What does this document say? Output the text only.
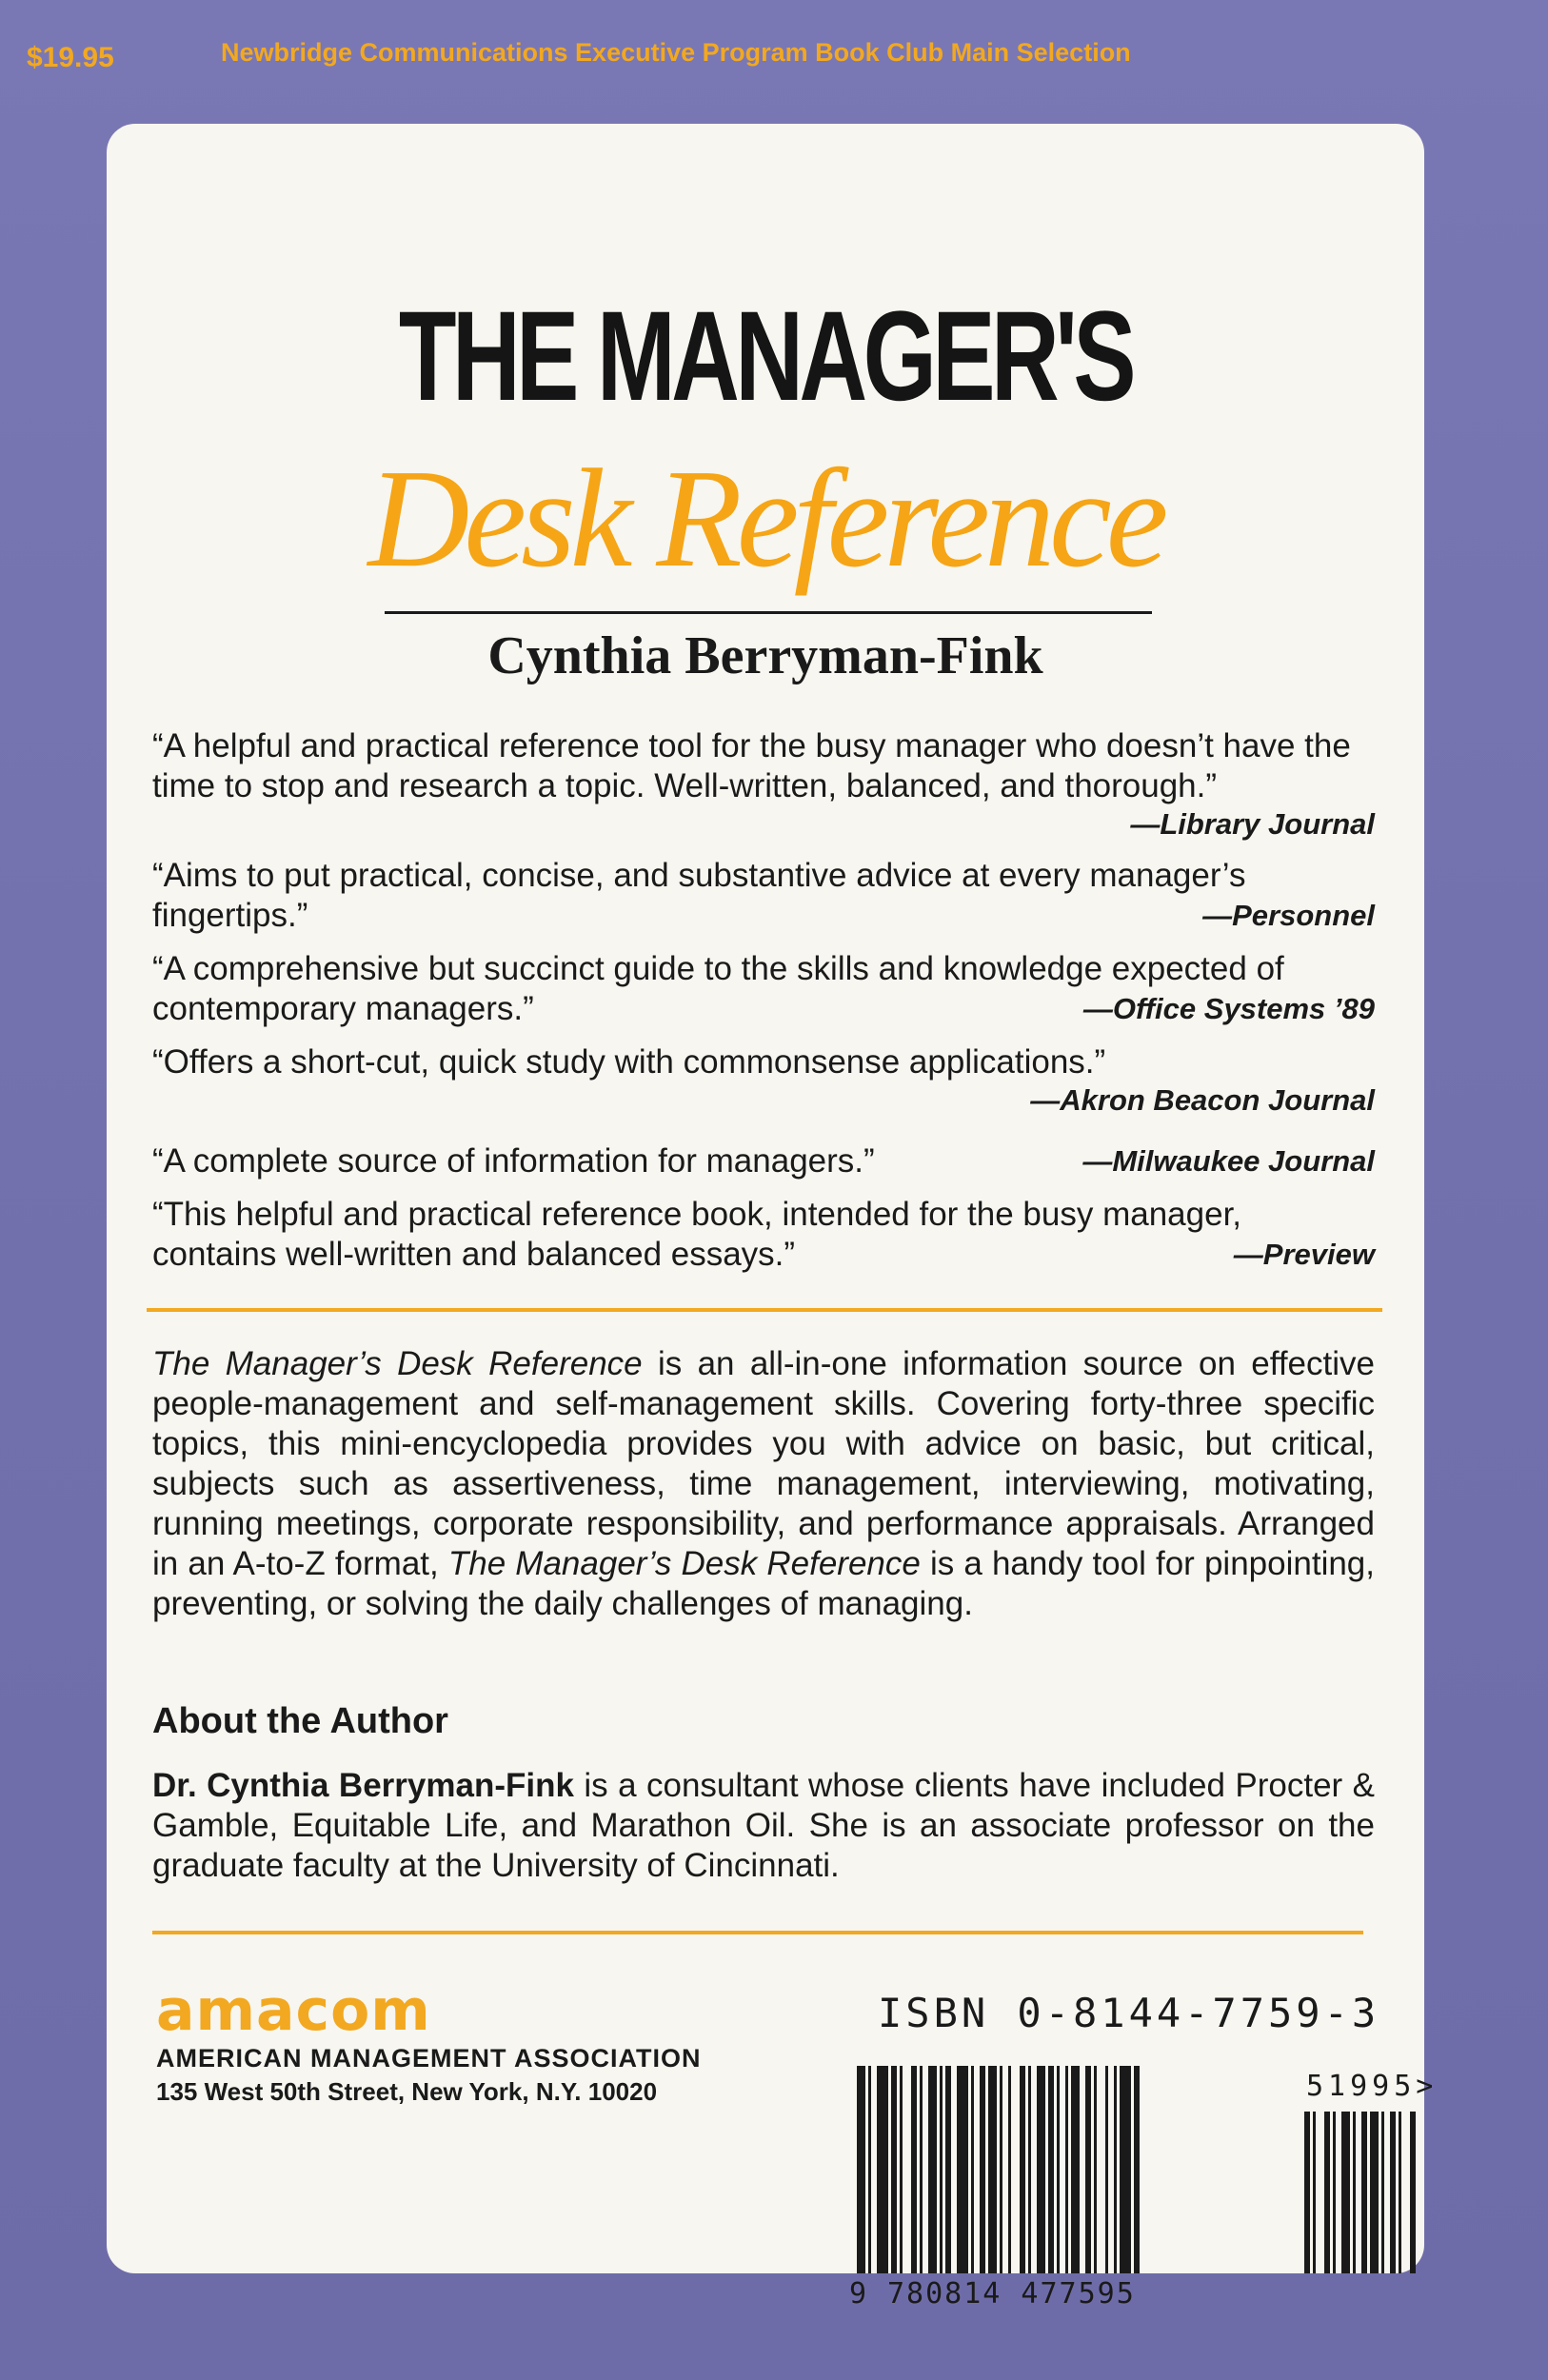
$19.95	Newbridge Communications Executive Program Book Club Main Selection
THE MANAGER'S
Desk Reference
Cynthia Berryman-Fink
“A helpful and practical reference tool for the busy manager who doesn’t have the time to stop and research a topic. Well-written, balanced, and thorough.”
—Library Journal
“Aims to put practical, concise, and substantive advice at every manager’s fingertips.”	—Personnel
“A comprehensive but succinct guide to the skills and knowledge expected of contemporary managers.”	—Office Systems ’89
“Offers a short-cut, quick study with commonsense applications.”
—Akron Beacon Journal
“A complete source of information for managers.”	—Milwaukee Journal
“This helpful and practical reference book, intended for the busy manager, contains well-written and balanced essays.”	—Preview
The Manager’s Desk Reference is an all-in-one information source on effective people-management and self-management skills. Covering forty-three specific topics, this mini-encyclopedia provides you with advice on basic, but critical, subjects such as assertiveness, time management, interviewing, motivating, running meetings, corporate responsibility, and performance appraisals. Arranged in an A-to-Z format, The Manager’s Desk Reference is a handy tool for pinpointing, preventing, or solving the daily challenges of managing.
About the Author
Dr. Cynthia Berryman-Fink is a consultant whose clients have included Procter & Gamble, Equitable Life, and Marathon Oil. She is an associate professor on the graduate faculty at the University of Cincinnati.
amacom
AMERICAN MANAGEMENT ASSOCIATION
135 West 50th Street, New York, N.Y. 10020
ISBN 0-8144-7759-3
9 780814 477595
51995>
